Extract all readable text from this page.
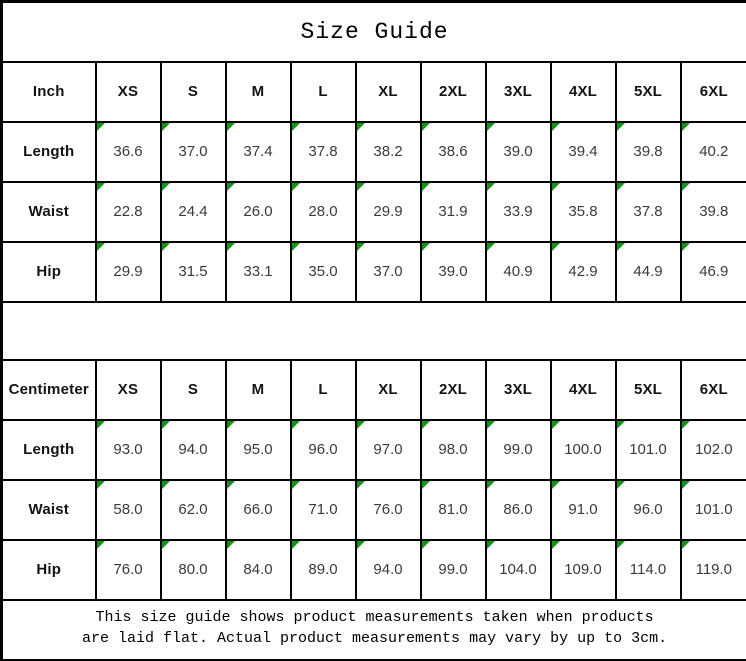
Size Guide										
Inch	XS	S	M	L	XL	2XL	3XL	4XL	5XL	6XL
Length	36.6	37.0	37.4	37.8	38.2	38.6	39.0	39.4	39.8	40.2
Waist	22.8	24.4	26.0	28.0	29.9	31.9	33.9	35.8	37.8	39.8
Hip	29.9	31.5	33.1	35.0	37.0	39.0	40.9	42.9	44.9	46.9

Centimeter	XS	S	M	L	XL	2XL	3XL	4XL	5XL	6XL
Length	93.0	94.0	95.0	96.0	97.0	98.0	99.0	100.0	101.0	102.0
Waist	58.0	62.0	66.0	71.0	76.0	81.0	86.0	91.0	96.0	101.0
Hip	76.0	80.0	84.0	89.0	94.0	99.0	104.0	109.0	114.0	119.0

This size guide shows product measurements taken when products
are laid flat. Actual product measurements may vary by up to 3cm.										
